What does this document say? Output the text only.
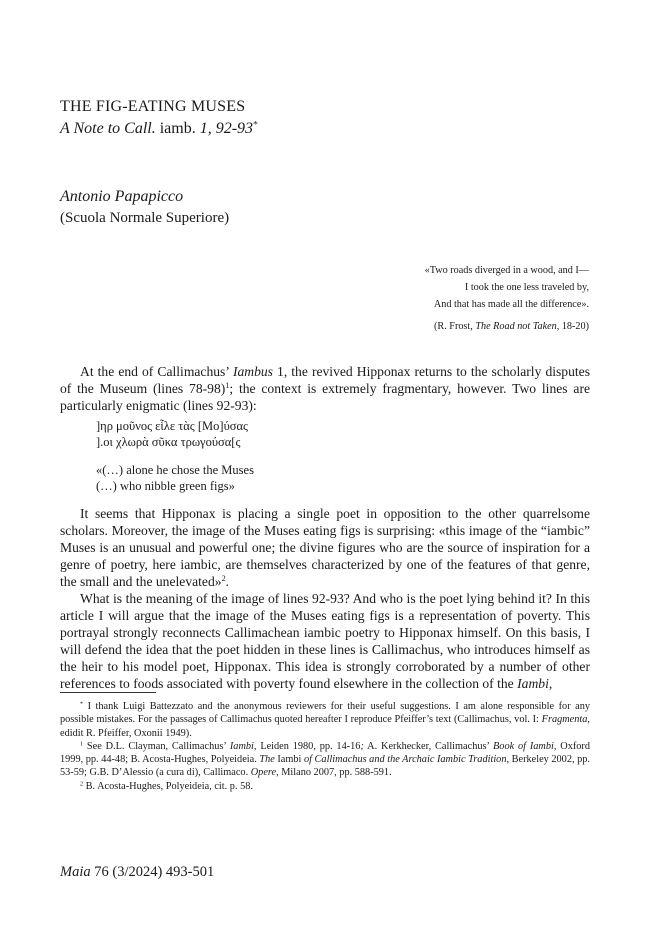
THE FIG-EATING MUSES
A Note to Call. iamb. 1, 92-93*
Antonio Papapicco
(Scuola Normale Superiore)
«Two roads diverged in a wood, and I—
I took the one less traveled by,
And that has made all the difference».
(R. Frost, The Road not Taken, 18-20)
At the end of Callimachus’ Iambus 1, the revived Hipponax returns to the scholarly disputes of the Museum (lines 78-98)$^1$; the context is extremely fragmentary, however. Two lines are particularly enigmatic (lines 92-93):
]ηρ μοῦνος εἷλε τὰς [Μο]ύσας
].οι χλωρὰ σῦκα τρωγούσα[ς
«(…) alone he chose the Muses
(…) who nibble green figs»
It seems that Hipponax is placing a single poet in opposition to the other quarrelsome scholars. Moreover, the image of the Muses eating figs is surprising: «this image of the “iambic” Muses is an unusual and powerful one; the divine figures who are the source of inspiration for a genre of poetry, here iambic, are themselves characterized by one of the features of that genre, the small and the unelevated»$^2$.
What is the meaning of the image of lines 92-93? And who is the poet lying behind it? In this article I will argue that the image of the Muses eating figs is a representation of poverty. This portrayal strongly reconnects Callimachean iambic poetry to Hipponax himself. On this basis, I will defend the idea that the poet hidden in these lines is Callimachus, who introduces himself as the heir to his model poet, Hipponax. This idea is strongly corroborated by a number of other references to foods associated with poverty found elsewhere in the collection of the Iambi,

* I thank Luigi Battezzato and the anonymous reviewers for their useful suggestions. I am alone responsible for any possible mistakes. For the passages of Callimachus quoted hereafter I reproduce Pfeiffer’s text (Callimachus, vol. I: Fragmenta, edidit R. Pfeiffer, Oxonii 1949).

$^1$ See D.L. Clayman, Callimachus’ Iambi, Leiden 1980, pp. 14-16; A. Kerkhecker, Callimachus’ Book of Iambi, Oxford 1999, pp. 44-48; B. Acosta-Hughes, Polyeideia. The Iambi of Callimachus and the Archaic Iambic Tradition, Berkeley 2002, pp. 53-59; G.B. D’Alessio (a cura di), Callimaco. Opere, Milano 2007, pp. 588-591.

$^2$ B. Acosta-Hughes, Polyeideia, cit. p. 58.

Maia 76 (3/2024) 493-501
